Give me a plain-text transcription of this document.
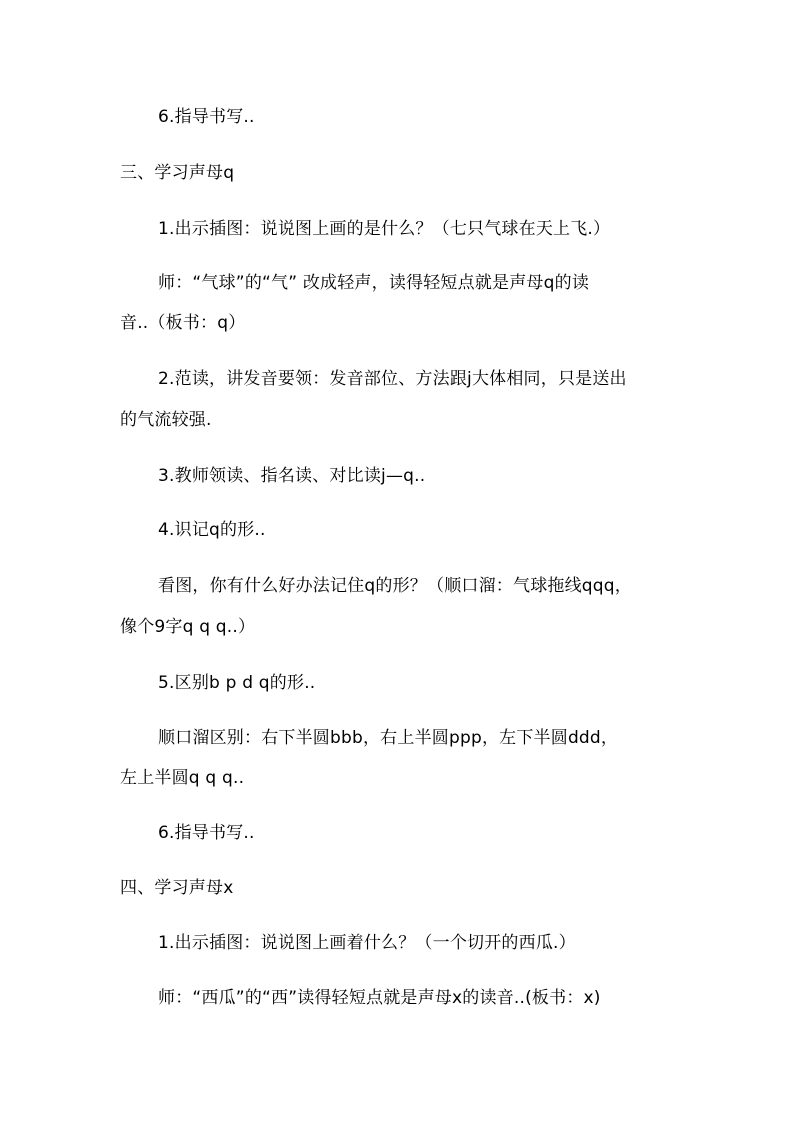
6.指导书写..
三、学习声母q
1.出示插图：说说图上画的是什么？（七只气球在天上飞.）
师：“气球”的“气” 改成轻声，读得轻短点就是声母q的读
音..（板书：q）
2.范读，讲发音要领：发音部位、方法跟j大体相同，只是送出
的气流较强.
3.教师领读、指名读、对比读j—q..
4.识记q的形..
看图，你有什么好办法记住q的形？（顺口溜：气球拖线qqq，
像个9字q q q..）
5.区别b p d q的形..
顺口溜区别：右下半圆bbb，右上半圆ppp，左下半圆ddd，
左上半圆q q q..
6.指导书写..
四、学习声母x
1.出示插图：说说图上画着什么？（一个切开的西瓜.）
师：“西瓜”的“西”读得轻短点就是声母x的读音..(板书：x)
